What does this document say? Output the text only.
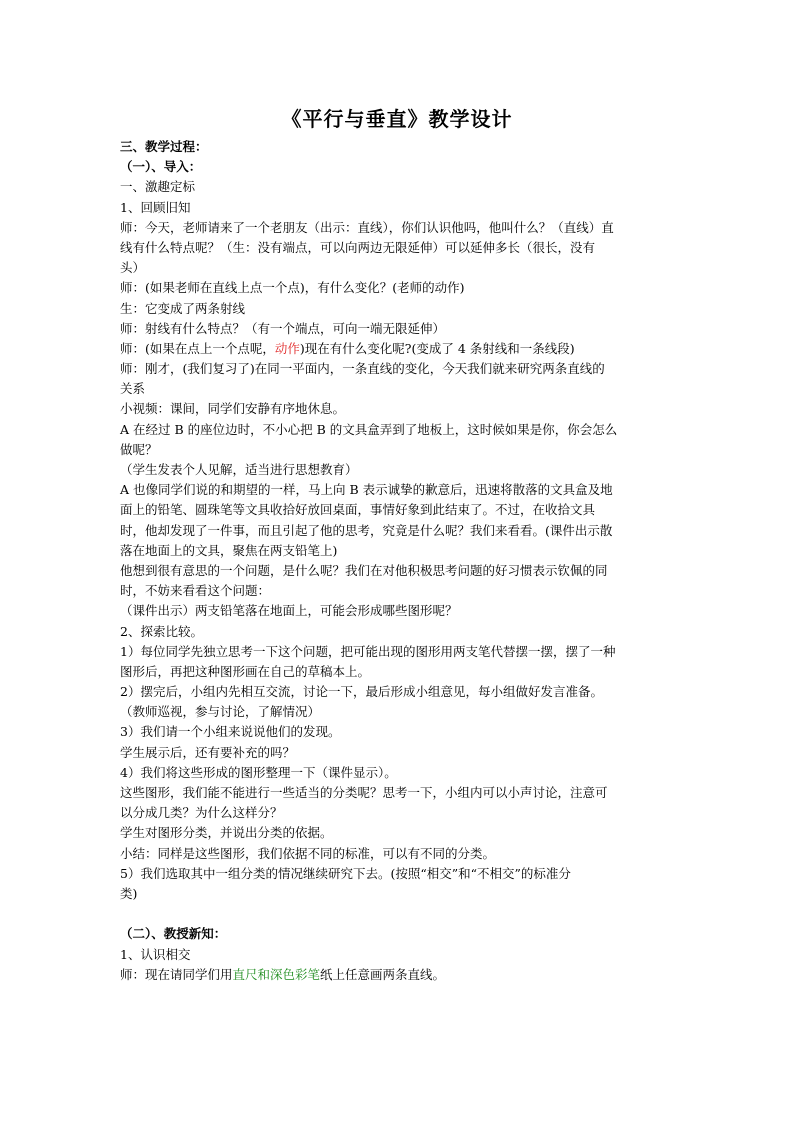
《平行与垂直》教学设计
三、教学过程：
（一）、导入：
一、激趣定标
1、回顾旧知
师：今天，老师请来了一个老朋友（出示：直线），你们认识他吗，他叫什么？（直线）直
线有什么特点呢？（生：没有端点，可以向两边无限延伸）可以延伸多长（很长，没有
头）
师：(如果老师在直线上点一个点)，有什么变化？(老师的动作)
生：它变成了两条射线
师：射线有什么特点？（有一个端点，可向一端无限延伸）
师：(如果在点上一个点呢，动作)现在有什么变化呢?(变成了 4 条射线和一条线段)
师：刚才，(我们复习了)在同一平面内，一条直线的变化，今天我们就来研究两条直线的
关系
小视频：课间，同学们安静有序地休息。
A 在经过 B 的座位边时，不小心把 B 的文具盒弄到了地板上，这时候如果是你，你会怎么
做呢？
（学生发表个人见解，适当进行思想教育）
A 也像同学们说的和期望的一样，马上向 B 表示诚挚的歉意后，迅速将散落的文具盒及地
面上的铅笔、圆珠笔等文具收拾好放回桌面，事情好象到此结束了。不过，在收拾文具
时，他却发现了一件事，而且引起了他的思考，究竟是什么呢？我们来看看。(课件出示散
落在地面上的文具，聚焦在两支铅笔上)
他想到很有意思的一个问题，是什么呢？我们在对他积极思考问题的好习惯表示钦佩的同
时，不妨来看看这个问题：
（课件出示）两支铅笔落在地面上，可能会形成哪些图形呢？
2、探索比较。
1）每位同学先独立思考一下这个问题，把可能出现的图形用两支笔代替摆一摆，摆了一种
图形后，再把这种图形画在自己的草稿本上。
2）摆完后，小组内先相互交流，讨论一下，最后形成小组意见，每小组做好发言准备。
（教师巡视，参与讨论，了解情况）
3）我们请一个小组来说说他们的发现。
学生展示后，还有要补充的吗？
4）我们将这些形成的图形整理一下（课件显示）。
这些图形，我们能不能进行一些适当的分类呢？思考一下，小组内可以小声讨论，注意可
以分成几类？为什么这样分？
学生对图形分类，并说出分类的依据。
小结：同样是这些图形，我们依据不同的标准，可以有不同的分类。
5）我们选取其中一组分类的情况继续研究下去。(按照“相交”和“不相交”的标准分
类)
（二）、教授新知：
1、认识相交
师：现在请同学们用直尺和深色彩笔纸上任意画两条直线。
